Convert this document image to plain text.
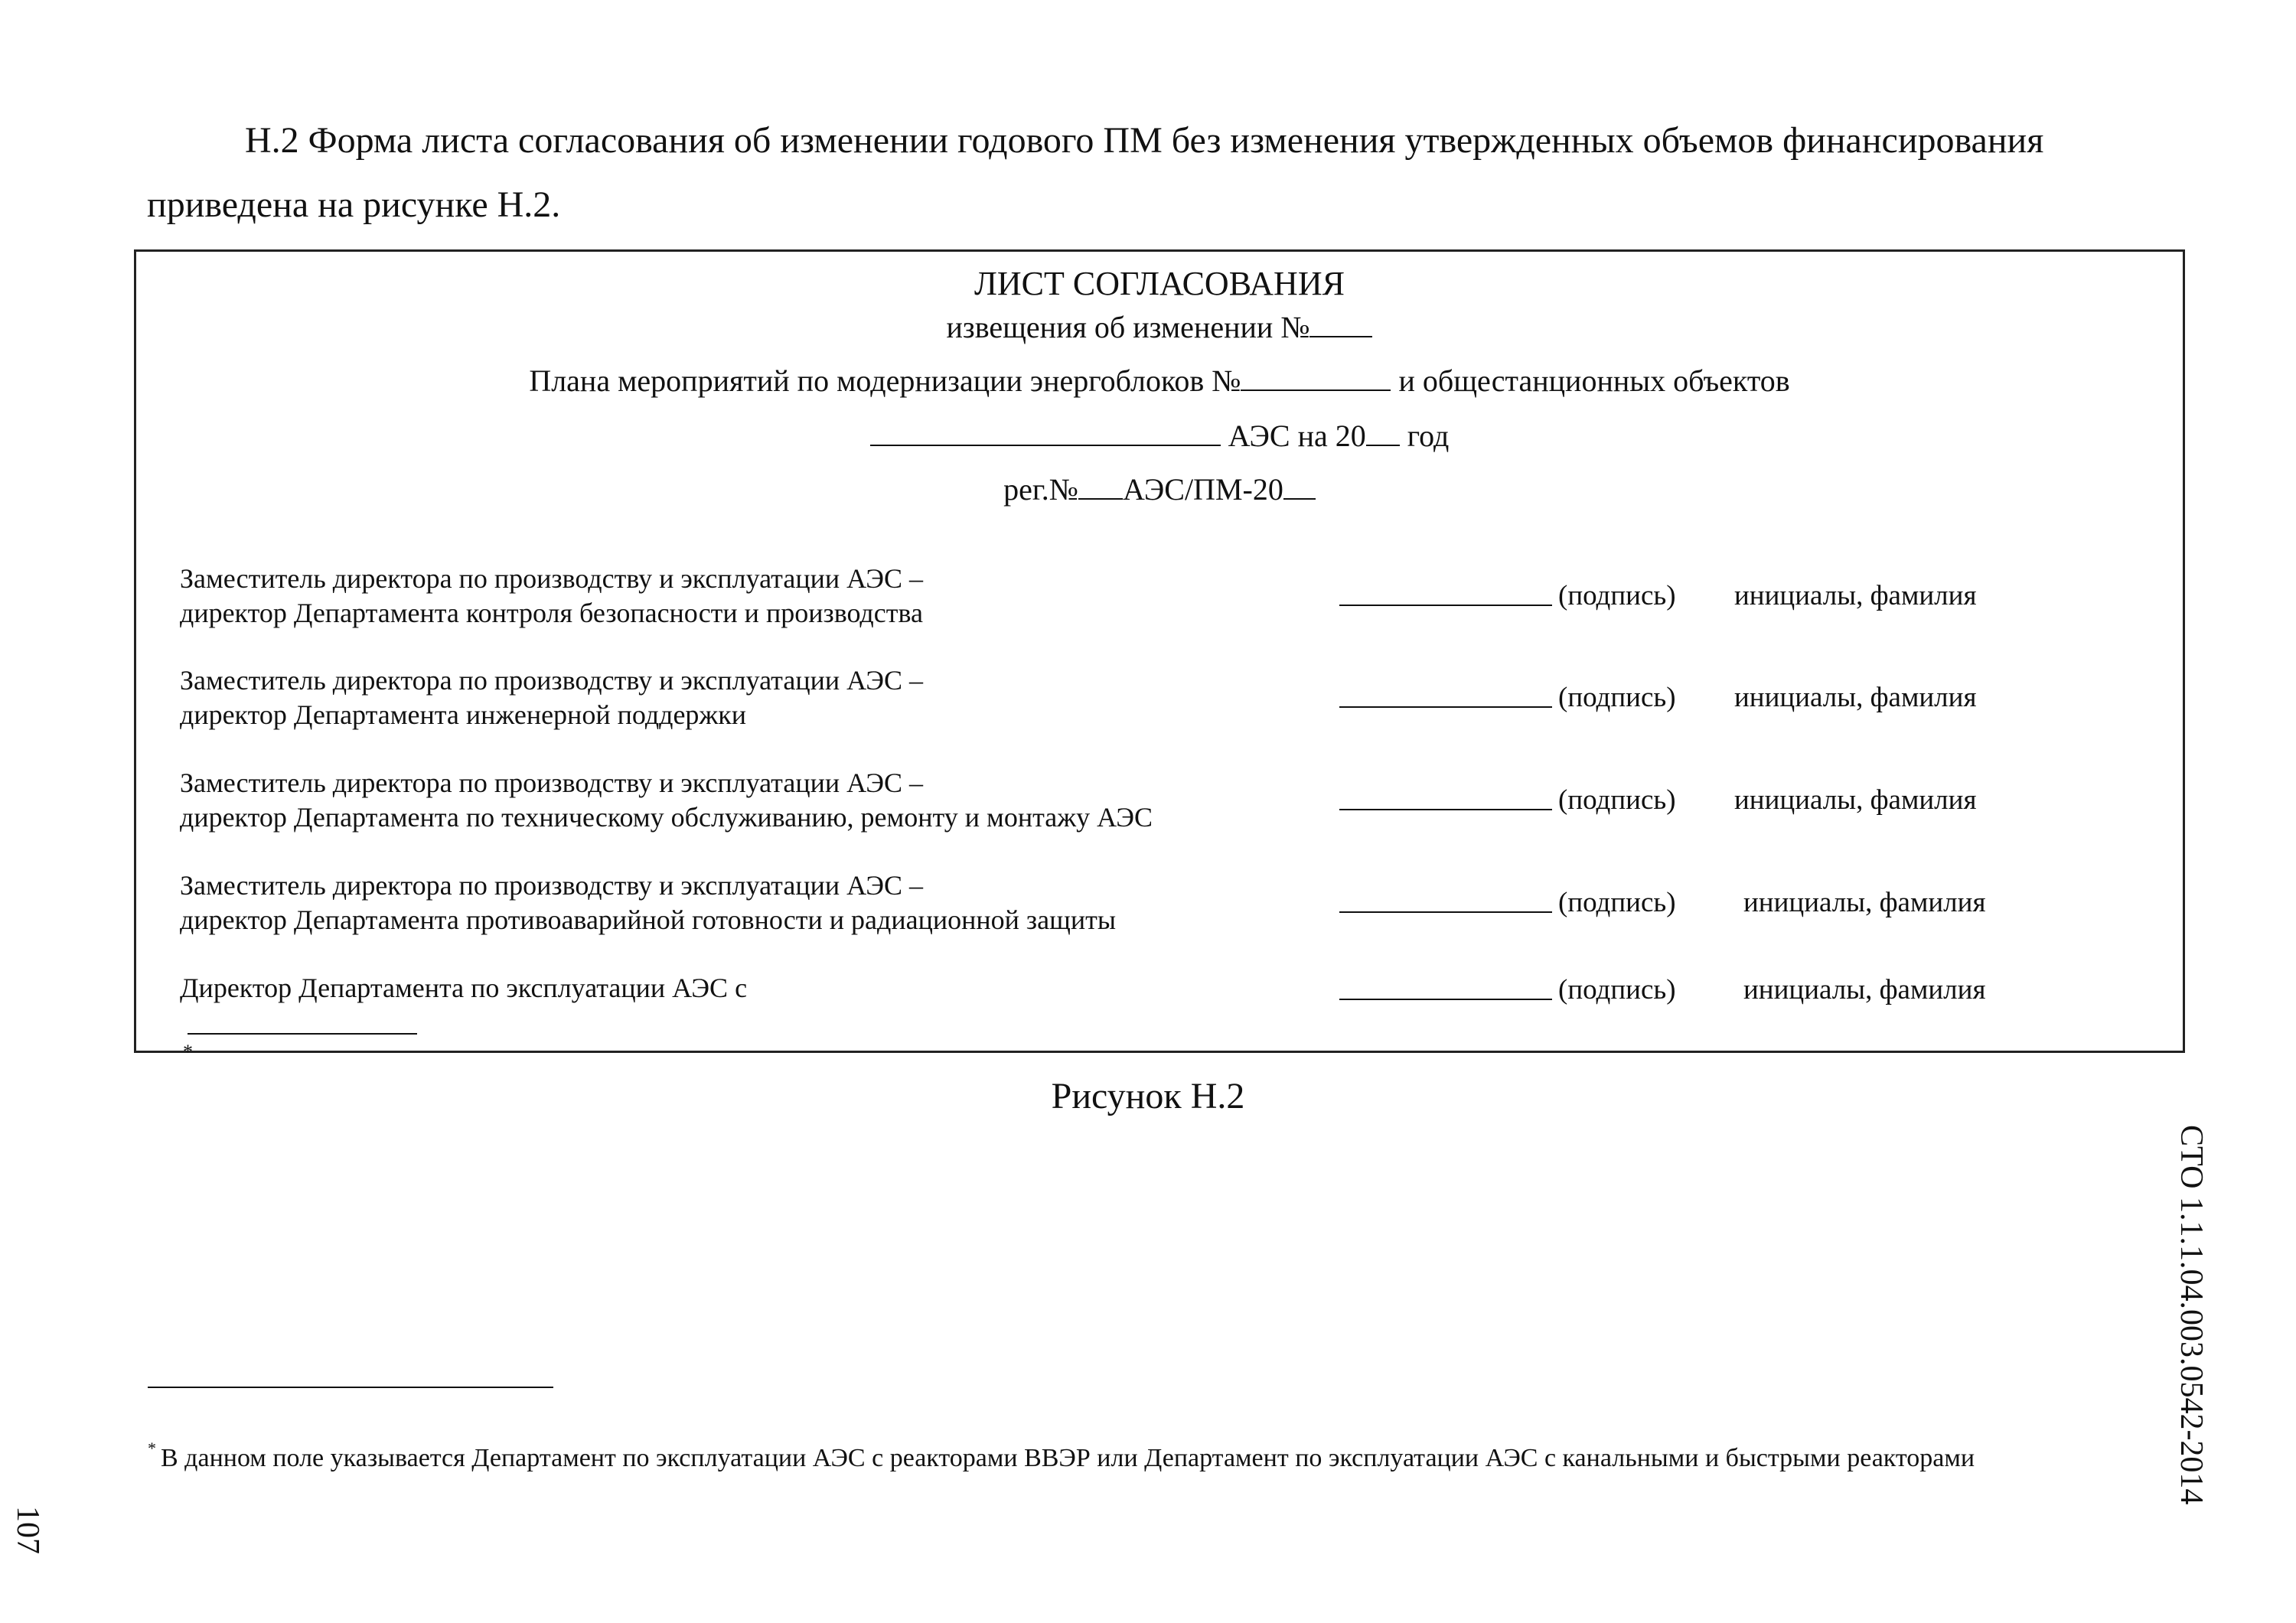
Н.2 Форма листа согласования об изменении годового ПМ без изменения утвержденных объемов финансирования
приведена на рисунке Н.2.

ЛИСТ СОГЛАСОВАНИЯ
извещения об изменении №
Плана мероприятий по модернизации энергоблоков №	и общестанционных объектов
АЭС на 20 год
рег.№ АЭС/ПМ-20
Заместитель директора по производству и эксплуатации АЭС –
директор Департамента контроля безопасности и производства
(подпись) инициалы, фамилия
Заместитель директора по производству и эксплуатации АЭС –
директор Департамента инженерной поддержки
(подпись) инициалы, фамилия
Заместитель директора по производству и эксплуатации АЭС –
директор Департамента по техническому обслуживанию, ремонту и монтажу АЭС
(подпись) инициалы, фамилия
Заместитель директора по производству и эксплуатации АЭС –
директор Департамента противоаварийной готовности и радиационной защиты
(подпись) инициалы, фамилия
Директор Департамента по эксплуатации АЭС с
*
(подпись) инициалы, фамилия
Рисунок Н.2
СТО 1.1.1.04.003.0542-2014
107
* В данном поле указывается Департамент по эксплуатации АЭС с реакторами ВВЭР или Департамент по эксплуатации АЭС с канальными и быстрыми реакторами
